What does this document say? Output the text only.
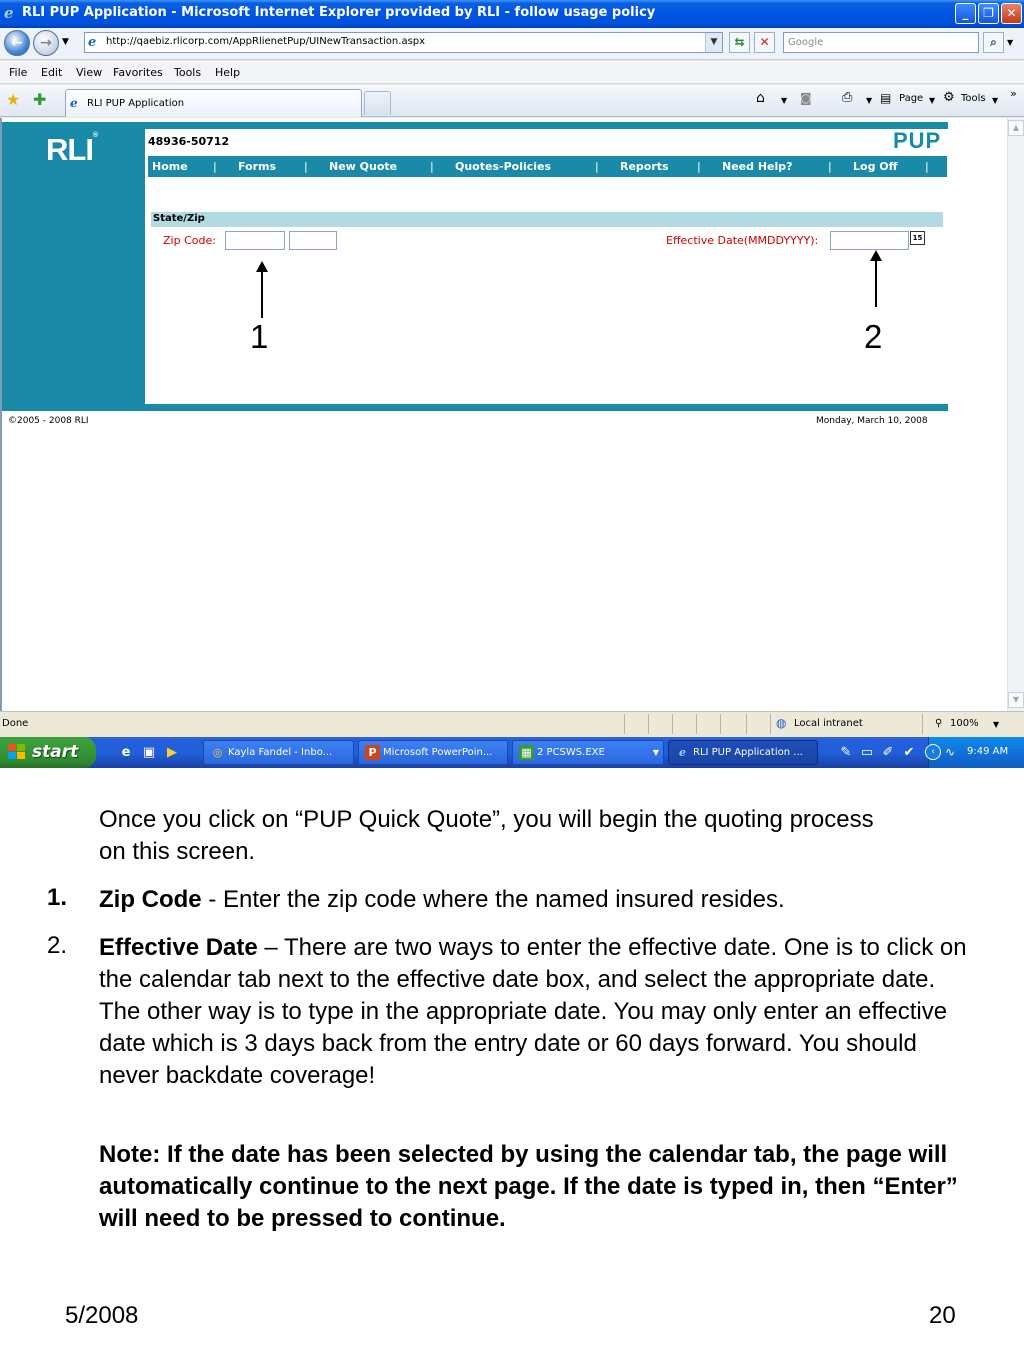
e RLI PUP Application - Microsoft Internet Explorer provided by RLI - follow usage policy	_	❐	✕
←	→	▼ e http://qaebiz.rlicorp.com/AppRlienetPup/UINewTransaction.aspx	▼	⇆	✕	Google	⌕	▼
File Edit View Favorites Tools Help
★ ✚	e RLI PUP Application	⌂ ▼ ◙ ⎙ ▼ ▤ Page ▼ ⚙ Tools ▼
»
▲
▼
RLI®	48936-50712	PUP
Home | Forms	| New Quote	| Quotes-Policies	| Reports	| Need Help?	| Log Off |
State/Zip
Zip Code:	Effective Date(MMDDYYYY):	15
1	2
©2005 - 2008 RLI	Monday, March 10, 2008
Done	◍ Local intranet	⚲ 100% ▼
start	e ▣ ▶	◎ Kayla Fandel - Inbo...	P Microsoft PowerPoin...	▦ 2 PCSWS.EXE	▼	e RLI PUP Application ...	✎ ▭ ✐ ✔	‹ ∿ 9:49 AM
Once you click on “PUP Quick Quote”, you will begin the quoting process on this screen.
1. Zip Code - Enter the zip code where the named insured resides.
2. Effective Date – There are two ways to enter the effective date. One is to click on the calendar tab next to the effective date box, and select the appropriate date. The other way is to type in the appropriate date. You may only enter an effective date which is 3 days back from the entry date or 60 days forward. You should never backdate coverage!
Note: If the date has been selected by using the calendar tab, the page will automatically continue to the next page. If the date is typed in, then “Enter” will need to be pressed to continue.
5/2008	20
